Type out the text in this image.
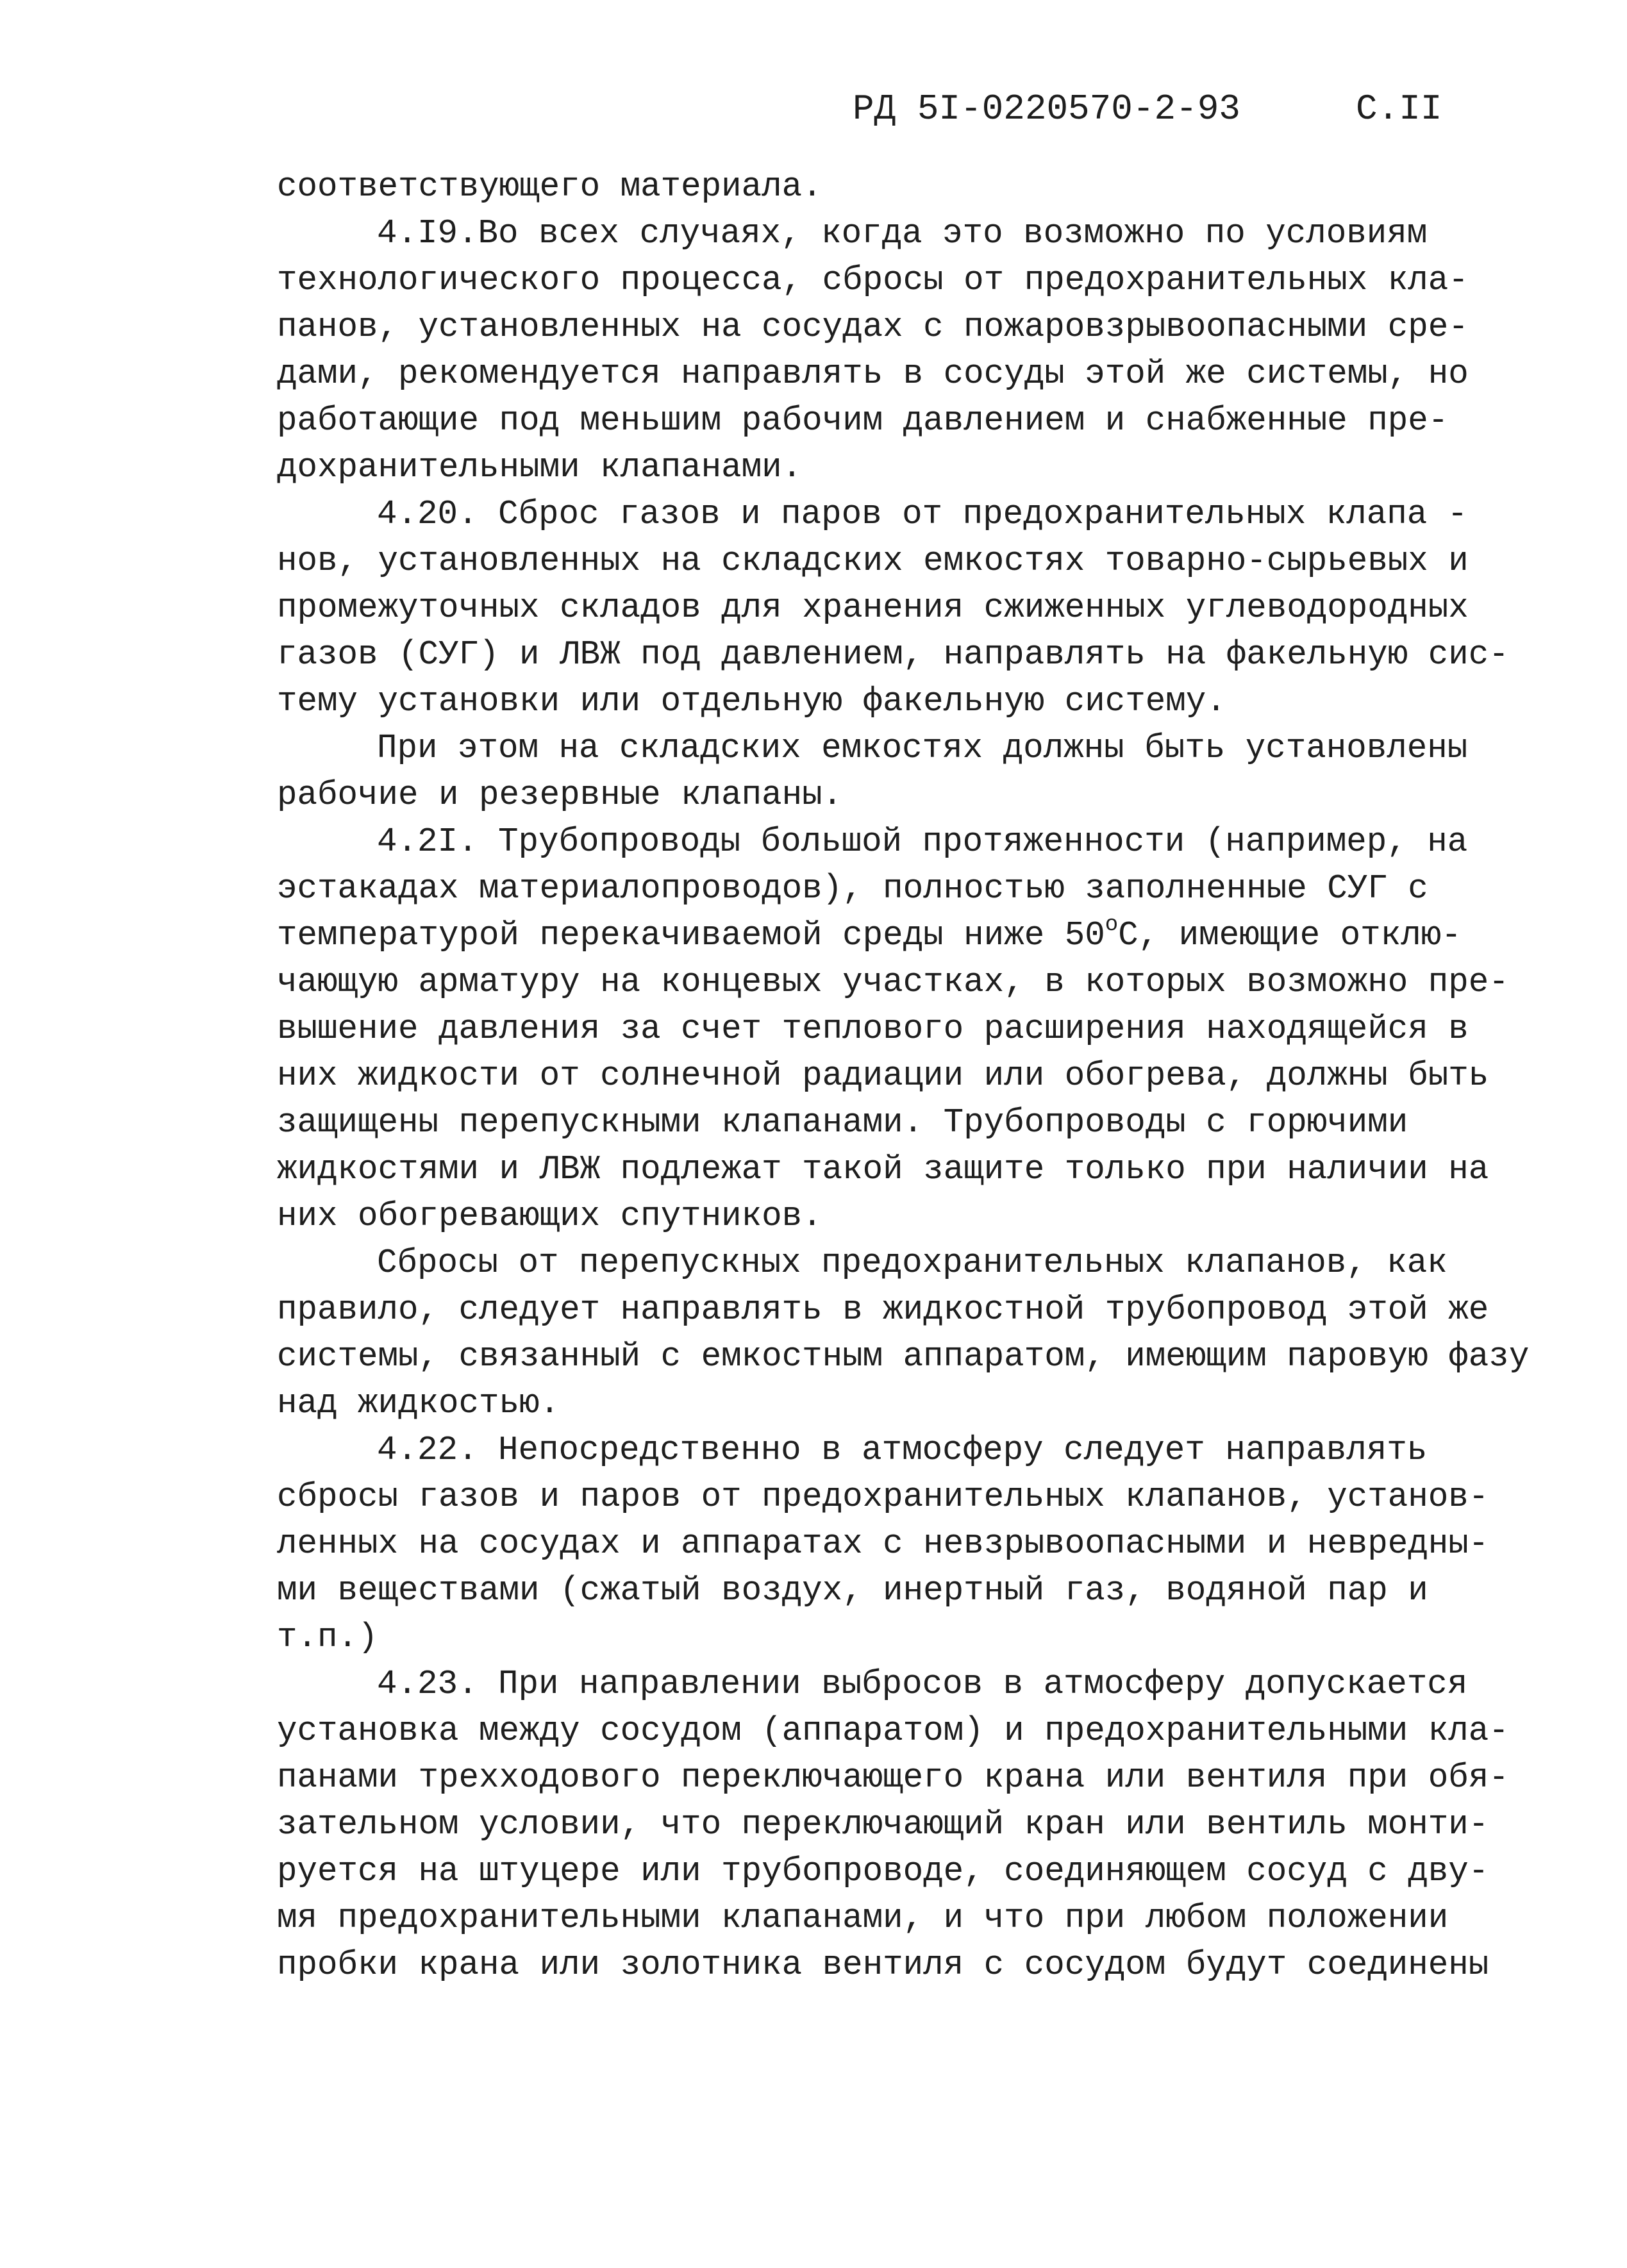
РД 5I-0220570-2-93	С.II
соответствующего материала.
4.I9.Во всех случаях, когда это возможно по условиям
технологического процесса, сбросы от предохранительных кла-
панов, установленных на сосудах с пожаровзрывоопасными сре-
дами, рекомендуется направлять в сосуды этой же системы, но
работающие под меньшим рабочим давлением и снабженные пре-
дохранительными клапанами.
4.20. Сброс газов и паров от предохранительных клапа -
нов, установленных на складских емкостях товарно-сырьевых и
промежуточных складов для хранения сжиженных углеводородных
газов (СУГ) и ЛВЖ под давлением, направлять на факельную сис-
тему установки или отдельную факельную систему.
При этом на складских емкостях должны быть установлены
рабочие и резервные клапаны.
4.2I. Трубопроводы большой протяженности (например, на
эстакадах материалопроводов), полностью заполненные СУГ с
температурой перекачиваемой среды ниже $50^оС$, имеющие отклю-
чающую арматуру на концевых участках, в которых возможно пре-
вышение давления за счет теплового расширения находящейся в
них жидкости от солнечной радиации или обогрева, должны быть
защищены перепускными клапанами. Трубопроводы с горючими
жидкостями и ЛВЖ подлежат такой защите только при наличии на
них обогревающих спутников.
Сбросы от перепускных предохранительных клапанов, как
правило, следует направлять в жидкостной трубопровод этой же
системы, связанный с емкостным аппаратом, имеющим паровую фазу
над жидкостью.
4.22. Непосредственно в атмосферу следует направлять
сбросы газов и паров от предохранительных клапанов, установ-
ленных на сосудах и аппаратах с невзрывоопасными и невредны-
ми веществами (сжатый воздух, инертный газ, водяной пар и
т.п.)
4.23. При направлении выбросов в атмосферу допускается
установка между сосудом (аппаратом) и предохранительными кла-
панами трехходового переключающего крана или вентиля при обя-
зательном условии, что переключающий кран или вентиль монти-
руется на штуцере или трубопроводе, соединяющем сосуд с дву-
мя предохранительными клапанами, и что при любом положении
пробки крана или золотника вентиля с сосудом будут соединены
